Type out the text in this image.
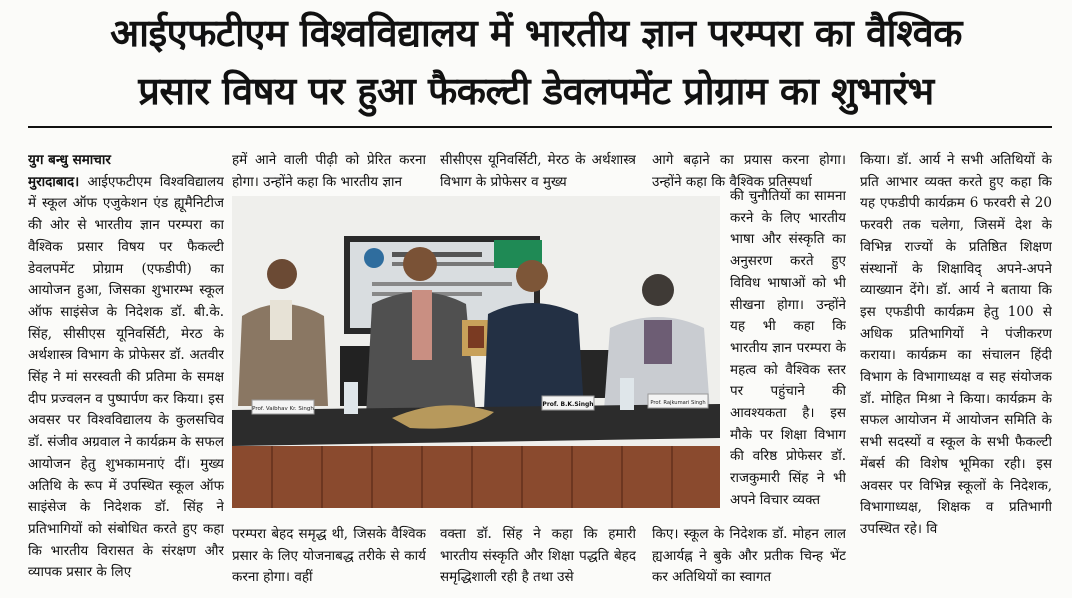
आईएफटीएम विश्वविद्यालय में भारतीय ज्ञान परम्परा का वैश्विक
प्रसार विषय पर हुआ फैकल्टी डेवलपमेंट प्रोग्राम का शुभारंभ

युग बन्धु समाचार
मुरादाबाद। आईएफटीएम विश्वविद्यालय में स्कूल ऑफ एजुकेशन एंड ह्यूमैनिटीज की ओर से भारतीय ज्ञान परम्परा का वैश्विक प्रसार विषय पर फैकल्टी डेवलपमेंट प्रोग्राम (एफडीपी) का आयोजन हुआ, जिसका शुभारम्भ स्कूल ऑफ साइंसेज के निदेशक डॉ. बी.के. सिंह, सीसीएस यूनिवर्सिटी, मेरठ के अर्थशास्त्र विभाग के प्रोफेसर डॉ. अतवीर सिंह ने मां सरस्वती की प्रतिमा के समक्ष दीप प्रज्वलन व पुष्पार्पण कर किया। इस अवसर पर विश्वविद्यालय के कुलसचिव डॉ. संजीव अग्रवाल ने कार्यक्रम के सफल आयोजन हेतु शुभकामनाएं दीं। मुख्य अतिथि के रूप में उपस्थित स्कूल ऑफ साइंसेज के निदेशक डॉ. सिंह ने प्रतिभागियों को संबोधित करते हुए कहा कि भारतीय विरासत के संरक्षण और व्यापक प्रसार के लिए

हमें आने वाली पीढ़ी को प्रेरित करना होगा। उन्होंने कहा कि भारतीय ज्ञान
सीसीएस यूनिवर्सिटी, मेरठ के अर्थशास्त्र विभाग के प्रोफेसर व मुख्य
आगे बढ़ाने का प्रयास करना होगा। उन्होंने कहा कि वैश्विक प्रतिस्पर्धा
की चुनौतियों का सामना करने के लिए भारतीय भाषा और संस्कृति का अनुसरण करते हुए विविध भाषाओं को भी सीखना होगा। उन्होंने यह भी कहा कि भारतीय ज्ञान परम्परा के महत्व को वैश्विक स्तर पर पहुंचाने की आवश्यकता है। इस मौके पर शिक्षा विभाग की वरिष्ठ प्रोफेसर डॉ. राजकुमारी सिंह ने भी अपने विचार व्यक्त
किया। डॉ. आर्य ने सभी अतिथियों के प्रति आभार व्यक्त करते हुए कहा कि यह एफडीपी कार्यक्रम 6 फरवरी से 20 फरवरी तक चलेगा, जिसमें देश के विभिन्न राज्यों के प्रतिष्ठित शिक्षण संस्थानों के शिक्षाविद् अपने-अपने व्याख्यान देंगे। डॉ. आर्य ने बताया कि इस एफडीपी कार्यक्रम हेतु 100 से अधिक प्रतिभागियों ने पंजीकरण कराया। कार्यक्रम का संचालन हिंदी विभाग के विभागाध्यक्ष व सह संयोजक डॉ. मोहित मिश्रा ने किया। कार्यक्रम के सफल आयोजन में आयोजन समिति के सभी सदस्यों व स्कूल के सभी फैकल्टी मेंबर्स की विशेष भूमिका रही। इस अवसर पर विभिन्न स्कूलों के निदेशक, विभागाध्यक्ष, शिक्षक व प्रतिभागी उपस्थित रहे। वि
परम्परा बेहद समृद्ध थी, जिसके वैश्विक प्रसार के लिए योजनाबद्ध तरीके से कार्य करना होगा। वहीं
वक्ता डॉ. सिंह ने कहा कि हमारी भारतीय संस्कृति और शिक्षा पद्धति बेहद समृद्धिशाली रही है तथा उसे
किए। स्कूल के निदेशक डॉ. मोहन लाल ह्यआर्यह्न ने बुके और प्रतीक चिन्ह भेंट कर अतिथियों का स्वागत
Prof. Vaibhav Kr. Singh
Prof. B.K.Singh	Prof. Rajkumari Singh
